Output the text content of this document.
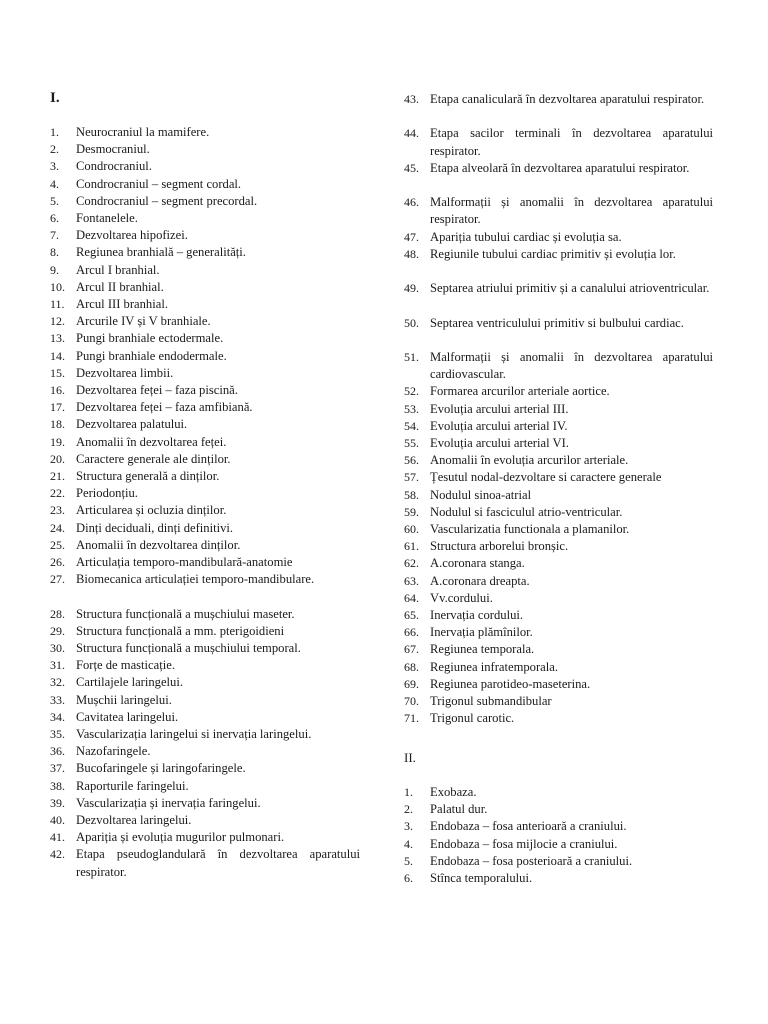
I.
1.	Neurocraniul la mamifere.
2.	Desmocraniul.
3.	Condrocraniul.
4.	Condrocraniul – segment cordal.
5.	Condrocraniul – segment precordal.
6.	Fontanelele.
7.	Dezvoltarea hipofizei.
8.	Regiunea branhială – generalități.
9.	Arcul I branhial.
10. Arcul II branhial.
11. Arcul III branhial.
12. Arcurile IV și V branhiale.
13. Pungi branhiale ectodermale.
14. Pungi branhiale endodermale.
15. Dezvoltarea limbii.
16. Dezvoltarea feței – faza piscină.
17. Dezvoltarea feței – faza amfibiană.
18. Dezvoltarea palatului.
19. Anomalii în dezvoltarea feței.
20. Caractere generale ale dinților.
21. Structura generală a dinților.
22. Periodonțiu.
23. Articularea și ocluzia dinților.
24. Dinți deciduali, dinți definitivi.
25. Anomalii în dezvoltarea dinților.
26. Articulația temporo-mandibulară-anatomie
27. Biomecanica articulației temporo-mandibulare.
28. Structura funcțională a mușchiului maseter.
29. Structura funcțională a mm. pterigoidieni
30. Structura funcțională a mușchiului temporal.
31. Forțe de masticație.
32. Cartilajele laringelui.
33. Mușchii laringelui.
34. Cavitatea laringelui.
35. Vascularizația laringelui si inervația laringelui.
36. Nazofaringele.
37. Bucofaringele și laringofaringele.
38. Raporturile faringelui.
39. Vascularizația și inervația faringelui.
40. Dezvoltarea laringelui.
41. Apariția și evoluția mugurilor pulmonari.
42. Etapa pseudoglandulară în dezvoltarea aparatului respirator.
43. Etapa canaliculară în dezvoltarea aparatului respirator.
44. Etapa sacilor terminali în dezvoltarea aparatului respirator.
45. Etapa alveolară în dezvoltarea aparatului respirator.
46. Malformații și anomalii în dezvoltarea aparatului respirator.
47. Apariția tubului cardiac și evoluția sa.
48. Regiunile tubului cardiac primitiv și evoluția lor.
49. Septarea atriului primitiv și a canalului atrioventricular.
50. Septarea ventriculului primitiv si bulbului cardiac.
51. Malformații și anomalii în dezvoltarea aparatului cardiovascular.
52. Formarea arcurilor arteriale aortice.
53. Evoluția arcului arterial III.
54. Evoluția arcului arterial IV.
55. Evoluția arcului arterial VI.
56. Anomalii în evoluția arcurilor arteriale.
57. Țesutul nodal-dezvoltare si caractere generale
58. Nodulul sinoa-atrial
59. Nodulul si fasciculul atrio-ventricular.
60. Vascularizatia functionala a plamanilor.
61. Structura arborelui bronșic.
62. A.coronara stanga.
63. A.coronara dreapta.
64. Vv.cordului.
65. Inervația cordului.
66. Inervația plămînilor.
67. Regiunea temporala.
68. Regiunea infratemporala.
69. Regiunea parotideo-maseterina.
70. Trigonul submandibular
71. Trigonul carotic.
II.
1.	Exobaza.
2.	Palatul dur.
3.	Endobaza – fosa anterioară a craniului.
4.	Endobaza – fosa mijlocie a craniului.
5.	Endobaza – fosa posterioară a craniului.
6.	Stînca temporalului.
